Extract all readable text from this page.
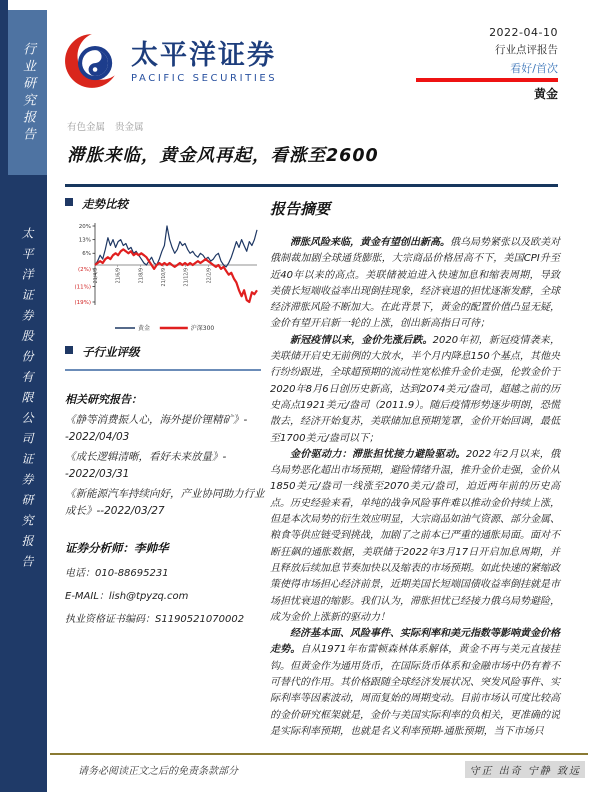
行业研究报告
太平洋证券股份有限公司证券研究报告
太平洋证券
PACIFIC SECURITIES
2022-04-10
行业点评报告
看好/首次
黄金
有色金属 贵金属
滞胀来临，黄金风再起，看涨至2600
走势比较
20%
13%
6%
(2%)
(11%)
(19%)
21/4/9	21/6/9	21/8/9	21/10/9	21/12/9	22/2/9
黄金	沪深300
子行业评级
相关研究报告：
《静等消费振人心，海外提价锂精矿》--2022/04/03
《成长逻辑清晰，看好未来放量》--2022/03/31
《新能源汽车持续向好，产业协同助力行业成长》--2022/03/27
证券分析师：李帅华
电话：010-88695231
E-MAIL：lish@tpyzq.com
执业资格证书编码：S1190521070002
报告摘要

滞胀风险来临，黄金有望创出新高。俄乌局势紧张以及欧美对俄制裁加剧全球通货膨胀，大宗商品价格居高不下，美国CPI升至近40年以来的高点。美联储被迫进入快速加息和缩表周期，导致美债长短端收益率出现倒挂现象，经济衰退的担忧逐渐发酵，全球经济滞胀风险不断加大。在此背景下，黄金的配置价值凸显无疑，金价有望开启新一轮的上涨，创出新高指日可待；

新冠疫情以来，金价先涨后跌。2020年初，新冠疫情袭来，美联储开启史无前例的大放水，半个月内降息150个基点，其他央行纷纷跟进，全球超预期的流动性宽松推升金价走强，伦敦金价于2020年8月6日创历史新高，达到2074美元/盎司，超越之前的历史高点1921美元/盎司（2011.9）。随后疫情形势逐步明朗，恐慌散去，经济开始复苏，美联储加息预期笼罩，金价开始回调，最低至1700美元/盎司以下；

金价驱动力：滞胀担忧接力避险驱动。2022年2月以来，俄乌局势恶化超出市场预期，避险情绪升温，推升金价走强，金价从1850美元/盎司一线涨至2070美元/盎司，迫近两年前的历史高点。历史经验来看，单纯的战争风险事件难以推动金价持续上涨，但是本次局势的衍生效应明显，大宗商品如油气资源、部分金属、粮食等供应链受到挑战，加剧了之前本已严重的通胀局面。面对不断狂飙的通胀数据，美联储于2022年3月17日开启加息周期，并且释放后续加息节奏加快以及缩表的市场预期。如此快速的紧缩政策使得市场担心经济前景，近期美国长短端国债收益率倒挂就是市场担忧衰退的缩影。我们认为，滞胀担忧已经接力俄乌局势避险，成为金价上涨新的驱动力！

经济基本面、风险事件、实际利率和美元指数等影响黄金价格走势。自从1971年布雷顿森林体系解体，黄金不再与美元直接挂钩。但黄金作为通用货币，在国际货币体系和金融市场中仍有着不可替代的作用。其价格跟随全球经济发展状况、突发风险事件、实际利率等因素波动，周而复始的周期变动。目前市场认可度比较高的金价研究框架就是，金价与美国实际利率的负相关，更准确的说是实际利率预期，也就是名义利率预期-通胀预期，当下市场只

请务必阅读正文之后的免责条款部分	守正 出奇 宁静 致远
